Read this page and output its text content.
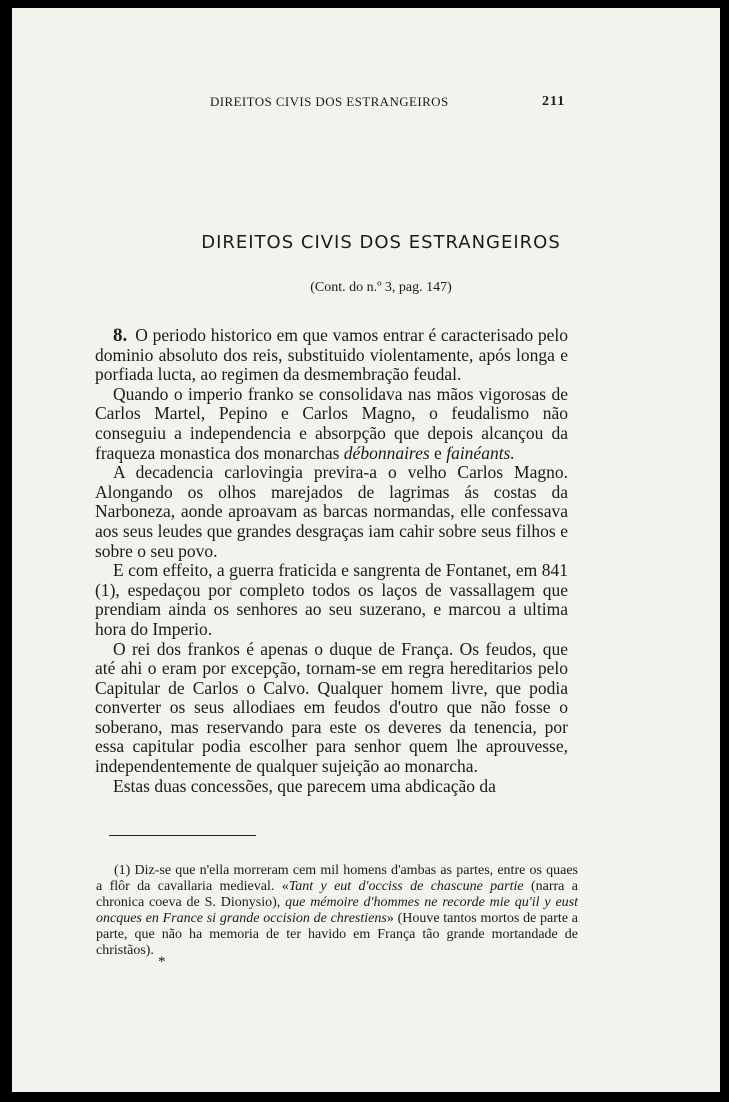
DIREITOS CIVIS DOS ESTRANGEIROS	211
DIREITOS CIVIS DOS ESTRANGEIROS
(Cont. do n.º 3, pag. 147)

8. O periodo historico em que vamos entrar é caracterisado pelo dominio absoluto dos reis, substituido violentamente, após longa e porfiada lucta, ao regimen da desmembração feudal.

Quando o imperio franko se consolidava nas mãos vigorosas de Carlos Martel, Pepino e Carlos Magno, o feudalismo não conseguiu a independencia e absorpção que depois alcançou da fraqueza monastica dos monarchas débonnaires e fainéants.

A decadencia carlovingia previra-a o velho Carlos Magno. Alongando os olhos marejados de lagrimas ás costas da Narboneza, aonde aproavam as barcas normandas, elle confessava aos seus leudes que grandes desgraças iam cahir sobre seus filhos e sobre o seu povo.

E com effeito, a guerra fraticida e sangrenta de Fontanet, em 841 (1), espedaçou por completo todos os laços de vassallagem que prendiam ainda os senhores ao seu suzerano, e marcou a ultima hora do Imperio.

O rei dos frankos é apenas o duque de França. Os feudos, que até ahi o eram por excepção, tornam-se em regra hereditarios pelo Capitular de Carlos o Calvo. Qualquer homem livre, que podia converter os seus allodiaes em feudos d'outro que não fosse o soberano, mas reservando para este os deveres da tenencia, por essa capitular podia escolher para senhor quem lhe aprouvesse, independentemente de qualquer sujeição ao monarcha.

Estas duas concessões, que parecem uma abdicação da

(1) Diz-se que n'ella morreram cem mil homens d'ambas as partes, entre os quaes a flôr da cavallaria medieval. «Tant y eut d'occiss de chascune partie (narra a chronica coeva de S. Dionysio), que mémoire d'hommes ne recorde mie qu'il y eust oncques en France si grande occision de chrestiens» (Houve tantos mortos de parte a parte, que não ha memoria de ter havido em França tão grande mortandade de christãos).

*
